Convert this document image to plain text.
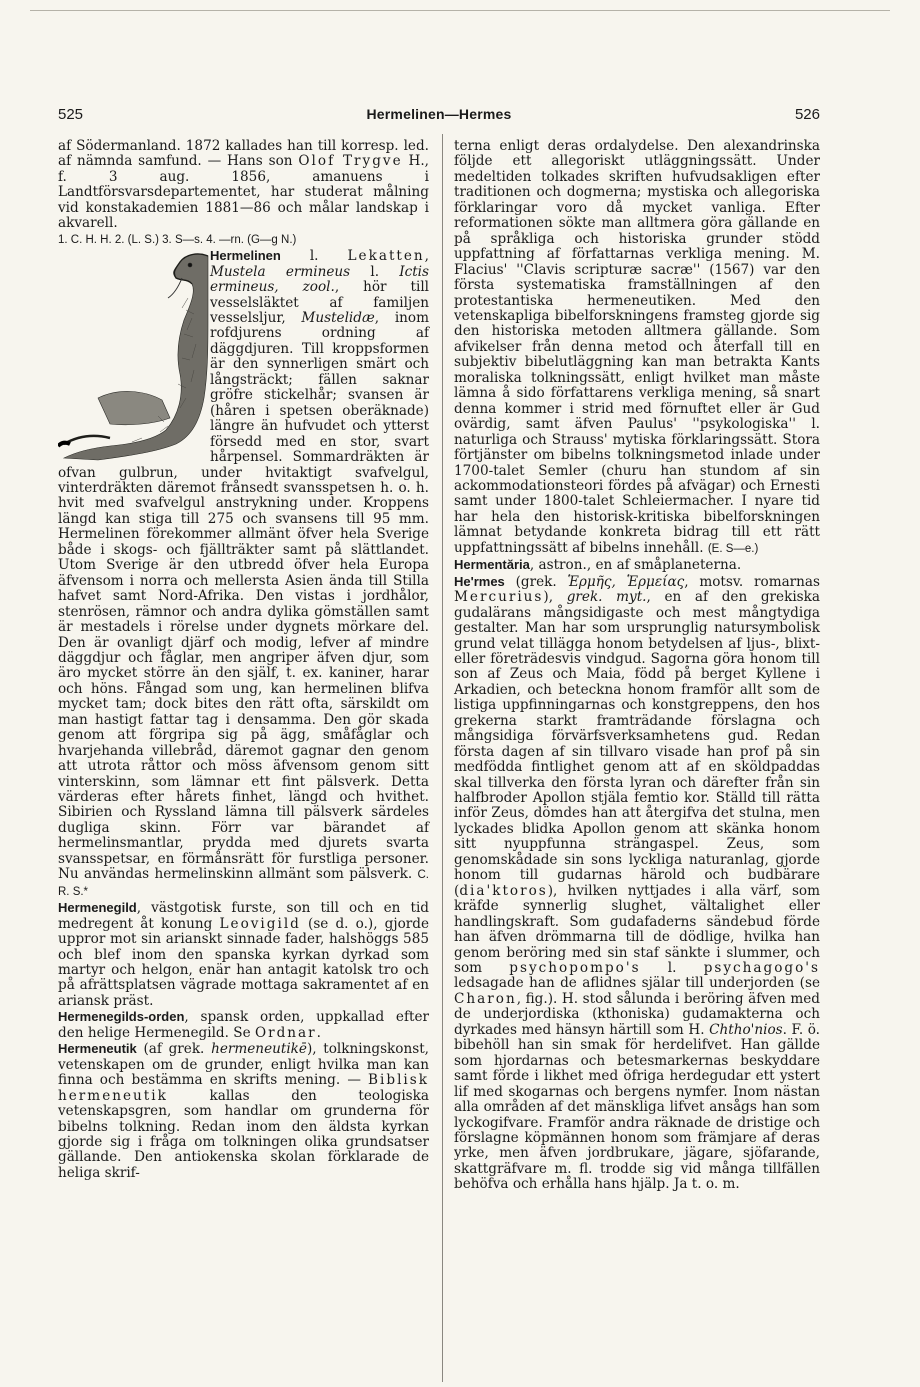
525	Hermelinen—Hermes	526

af Södermanland. 1872 kallades han till korresp. led. af nämnda samfund. — Hans son Olof Trygve H., f. 3 aug. 1856, amanuens i Landtförsvarsdepartementet, har studerat målning vid konstakademien 1881—86 och målar landskap i akvarell.

1. C. H. H. 2. (L. S.) 3. S—s. 4. —rn. (G—g N.)

Hermelinen l. Lekatten, Mustela ermineus l. Ictis ermineus, zool., hör till vesselsläktet af familjen vesselsljur, Mustelidæ, inom rofdjurens ordning af däggdjuren. Till kroppsformen är den synnerligen smärt och långsträckt; fällen saknar gröfre stickelhår; svansen är (håren i spetsen oberäknade) längre än hufvudet och ytterst försedd med en stor, svart hårpensel. Sommardräkten är ofvan gulbrun, under hvitaktigt svafvelgul, vinterdräkten däremot frånsedt svansspetsen h. o. h. hvit med svafvelgul anstrykning under. Kroppens längd kan stiga till 275 och svansens till 95 mm. Hermelinen förekommer allmänt öfver hela Sverige både i skogs- och fjällträkter samt på slättlandet. Utom Sverige är den utbredd öfver hela Europa äfvensom i norra och mellersta Asien ända till Stilla hafvet samt Nord-Afrika. Den vistas i jordhålor, stenrösen, rämnor och andra dylika gömställen samt är mestadels i rörelse under dygnets mörkare del. Den är ovanligt djärf och modig, lefver af mindre däggdjur och fåglar, men angriper äfven djur, som äro mycket större än den själf, t. ex. kaniner, harar och höns. Fångad som ung, kan hermelinen blifva mycket tam; dock bites den rätt ofta, särskildt om man hastigt fattar tag i densamma. Den gör skada genom att förgripa sig på ägg, småfåglar och hvarjehanda villebråd, däremot gagnar den genom att utrota råttor och möss äfvensom genom sitt vinterskinn, som lämnar ett fint pälsverk. Detta värderas efter hårets finhet, längd och hvithet. Sibirien och Ryssland lämna till pälsverk särdeles dugliga skinn. Förr var bärandet af hermelinsmantlar, prydda med djurets svarta svansspetsar, en förmånsrätt för furstliga personer. Nu användas hermelinskinn allmänt som pälsverk. C. R. S.*

Hermenegild, västgotisk furste, son till och en tid medregent åt konung Leovigild (se d. o.), gjorde uppror mot sin arianskt sinnade fader, halshöggs 585 och blef inom den spanska kyrkan dyrkad som martyr och helgon, enär han antagit katolsk tro och på afrättsplatsen vägrade mottaga sakramentet af en ariansk präst.

Hermenegilds-orden, spansk orden, uppkallad efter den helige Hermenegild. Se Ordnar.

Hermeneutik (af grek. hermeneutikē), tolkningskonst, vetenskapen om de grunder, enligt hvilka man kan finna och bestämma en skrifts mening. — Biblisk hermeneutik kallas den teologiska vetenskapsgren, som handlar om grunderna för bibelns tolkning. Redan inom den äldsta kyrkan gjorde sig i fråga om tolkningen olika grundsatser gällande. Den antiokenska skolan förklarade de heliga skrif-

terna enligt deras ordalydelse. Den alexandrinska följde ett allegoriskt utläggningssätt. Under medeltiden tolkades skriften hufvudsakligen efter traditionen och dogmerna; mystiska och allegoriska förklaringar voro då mycket vanliga. Efter reformationen sökte man alltmera göra gällande en på språkliga och historiska grunder stödd uppfattning af författarnas verkliga mening. M. Flacius' ''Clavis scripturæ sacræ'' (1567) var den första systematiska framställningen af den protestantiska hermeneutiken. Med den vetenskapliga bibelforskningens framsteg gjorde sig den historiska metoden alltmera gällande. Som afvikelser från denna metod och återfall till en subjektiv bibelutläggning kan man betrakta Kants moraliska tolkningssätt, enligt hvilket man måste lämna å sido författarens verkliga mening, så snart denna kommer i strid med förnuftet eller är Gud ovärdig, samt äfven Paulus' ''psykologiska'' l. naturliga och Strauss' mytiska förklaringssätt. Stora förtjänster om bibelns tolkningsmetod inlade under 1700-talet Semler (churu han stundom af sin ackommodationsteori fördes på afvägar) och Ernesti samt under 1800-talet Schleiermacher. I nyare tid har hela den historisk-kritiska bibelforskningen lämnat betydande konkreta bidrag till ett rätt uppfattningssätt af bibelns innehåll. (E. S—e.)

Hermentăria, astron., en af småplaneterna.

He'rmes (grek. Ἑρμῆς, Ἑρμείας, motsv. romarnas Mercurius), grek. myt., en af den grekiska gudalärans mångsidigaste och mest mångtydiga gestalter. Man har som ursprunglig natursymbolisk grund velat tillägga honom betydelsen af ljus-, blixt- eller företrädesvis vindgud. Sagorna göra honom till son af Zeus och Maia, född på berget Kyllene i Arkadien, och beteckna honom framför allt som de listiga uppfinningarnas och konstgreppens, den hos grekerna starkt framträdande förslagna och mångsidiga förvärfsverksamhetens gud. Redan första dagen af sin tillvaro visade han prof på sin medfödda fintlighet genom att af en sköldpaddas skal tillverka den första lyran och därefter från sin halfbroder Apollon stjäla femtio kor. Ställd till rätta inför Zeus, dömdes han att återgifva det stulna, men lyckades blidka Apollon genom att skänka honom sitt nyuppfunna strängaspel. Zeus, som genomskådade sin sons lyckliga naturanlag, gjorde honom till gudarnas härold och budbärare (dia'ktoros), hvilken nyttjades i alla värf, som kräfde synnerlig slughet, vältalighet eller handlingskraft. Som gudafaderns sändebud förde han äfven drömmarna till de dödlige, hvilka han genom beröring med sin staf sänkte i slummer, och som psychopompo's l. psychagogo's ledsagade han de aflidnes själar till underjorden (se Charon, fig.). H. stod sålunda i beröring äfven med de underjordiska (kthoniska) gudamakterna och dyrkades med hänsyn härtill som H. Chtho'nios. F. ö. bibehöll han sin smak för herdelifvet. Han gällde som hjordarnas och betesmarkernas beskyddare samt förde i likhet med öfriga herdegudar ett ystert lif med skogarnas och bergens nymfer. Inom nästan alla områden af det mänskliga lifvet ansågs han som lyckogifvare. Framför andra räknade de dristige och förslagne köpmännen honom som främjare af deras yrke, men äfven jordbrukare, jägare, sjöfarande, skattgräfvare m. fl. trodde sig vid många tillfällen behöfva och erhålla hans hjälp. Ja t. o. m.
